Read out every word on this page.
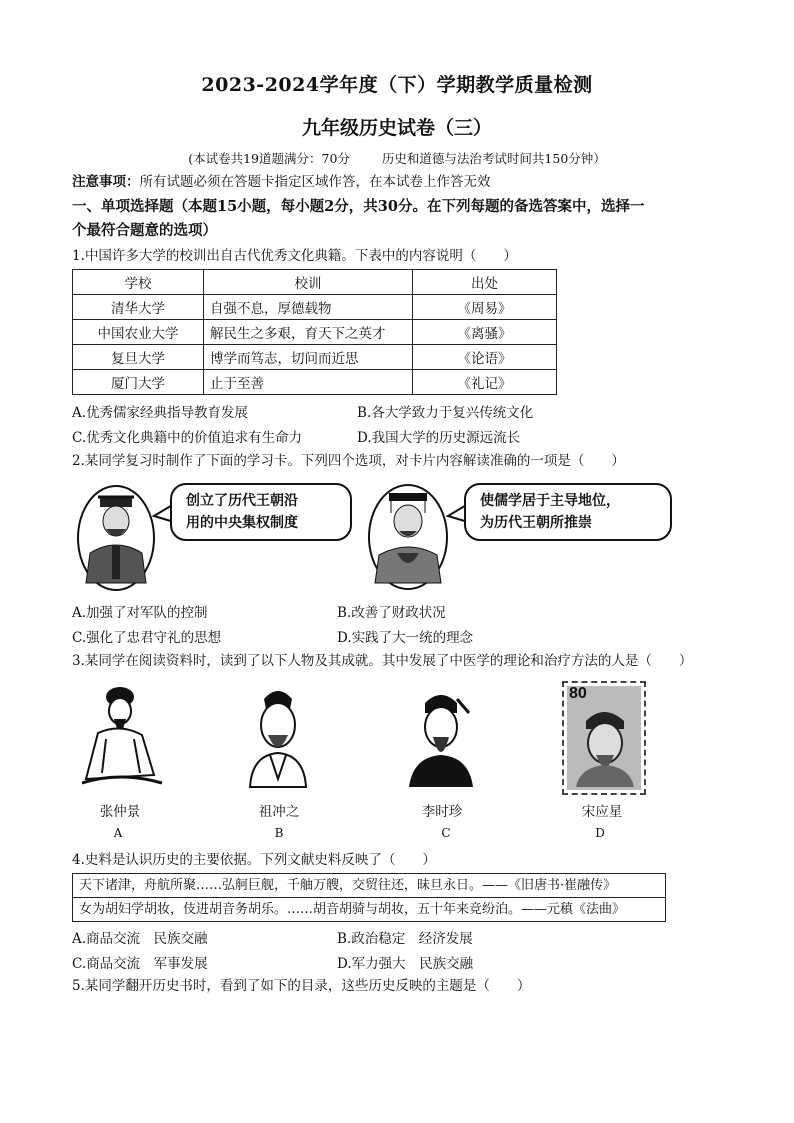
2023-2024学年度（下）学期教学质量检测
九年级历史试卷（三）
(本试卷共19道题满分：70分	历史和道德与法治考试时间共150分钟）
注意事项：所有试题必须在答题卡指定区域作答，在本试卷上作答无效
一、单项选择题（本题15小题，每小题2分，共30分。在下列每题的备选答案中，选择一
个最符合题意的选项）
1.中国许多大学的校训出自古代优秀文化典籍。下表中的内容说明（　　）
学校	校训	出处
清华大学	自强不息，厚德载物	《周易》
中国农业大学	解民生之多艰，育天下之英才	《离骚》
复旦大学	博学而笃志，切问而近思	《论语》
厦门大学	止于至善	《礼记》
A.优秀儒家经典指导教育发展	B.各大学致力于复兴传统文化
C.优秀文化典籍中的价值追求有生命力	D.我国大学的历史源远流长
2.某同学复习时制作了下面的学习卡。下列四个选项，对卡片内容解读准确的一项是（　　）
创立了历代王朝沿
用的中央集权制度
使儒学居于主导地位，
为历代王朝所推崇
A.加强了对军队的控制	B.改善了财政状况
C.强化了忠君守礼的思想	D.实践了大一统的理念
3.某同学在阅读资料时，读到了以下人物及其成就。其中发展了中医学的理论和治疗方法的人是（　　）
80
张仲景	祖冲之	李时珍	宋应星
A	B	C	D
4.史料是认识历史的主要依据。下列文献史料反映了（　　）
天下诸津，舟航所聚……弘舸巨舰，千舳万艘，交贸往还，昧旦永日。——《旧唐书·崔融传》
女为胡妇学胡妆，伎进胡音务胡乐。……胡音胡骑与胡妆，五十年来竞纷泊。——元稹《法曲》
A.商品交流　民族交融	B.政治稳定　经济发展
C.商品交流　军事发展	D.军力强大　民族交融
5.某同学翻开历史书时，看到了如下的目录，这些历史反映的主题是（　　）
